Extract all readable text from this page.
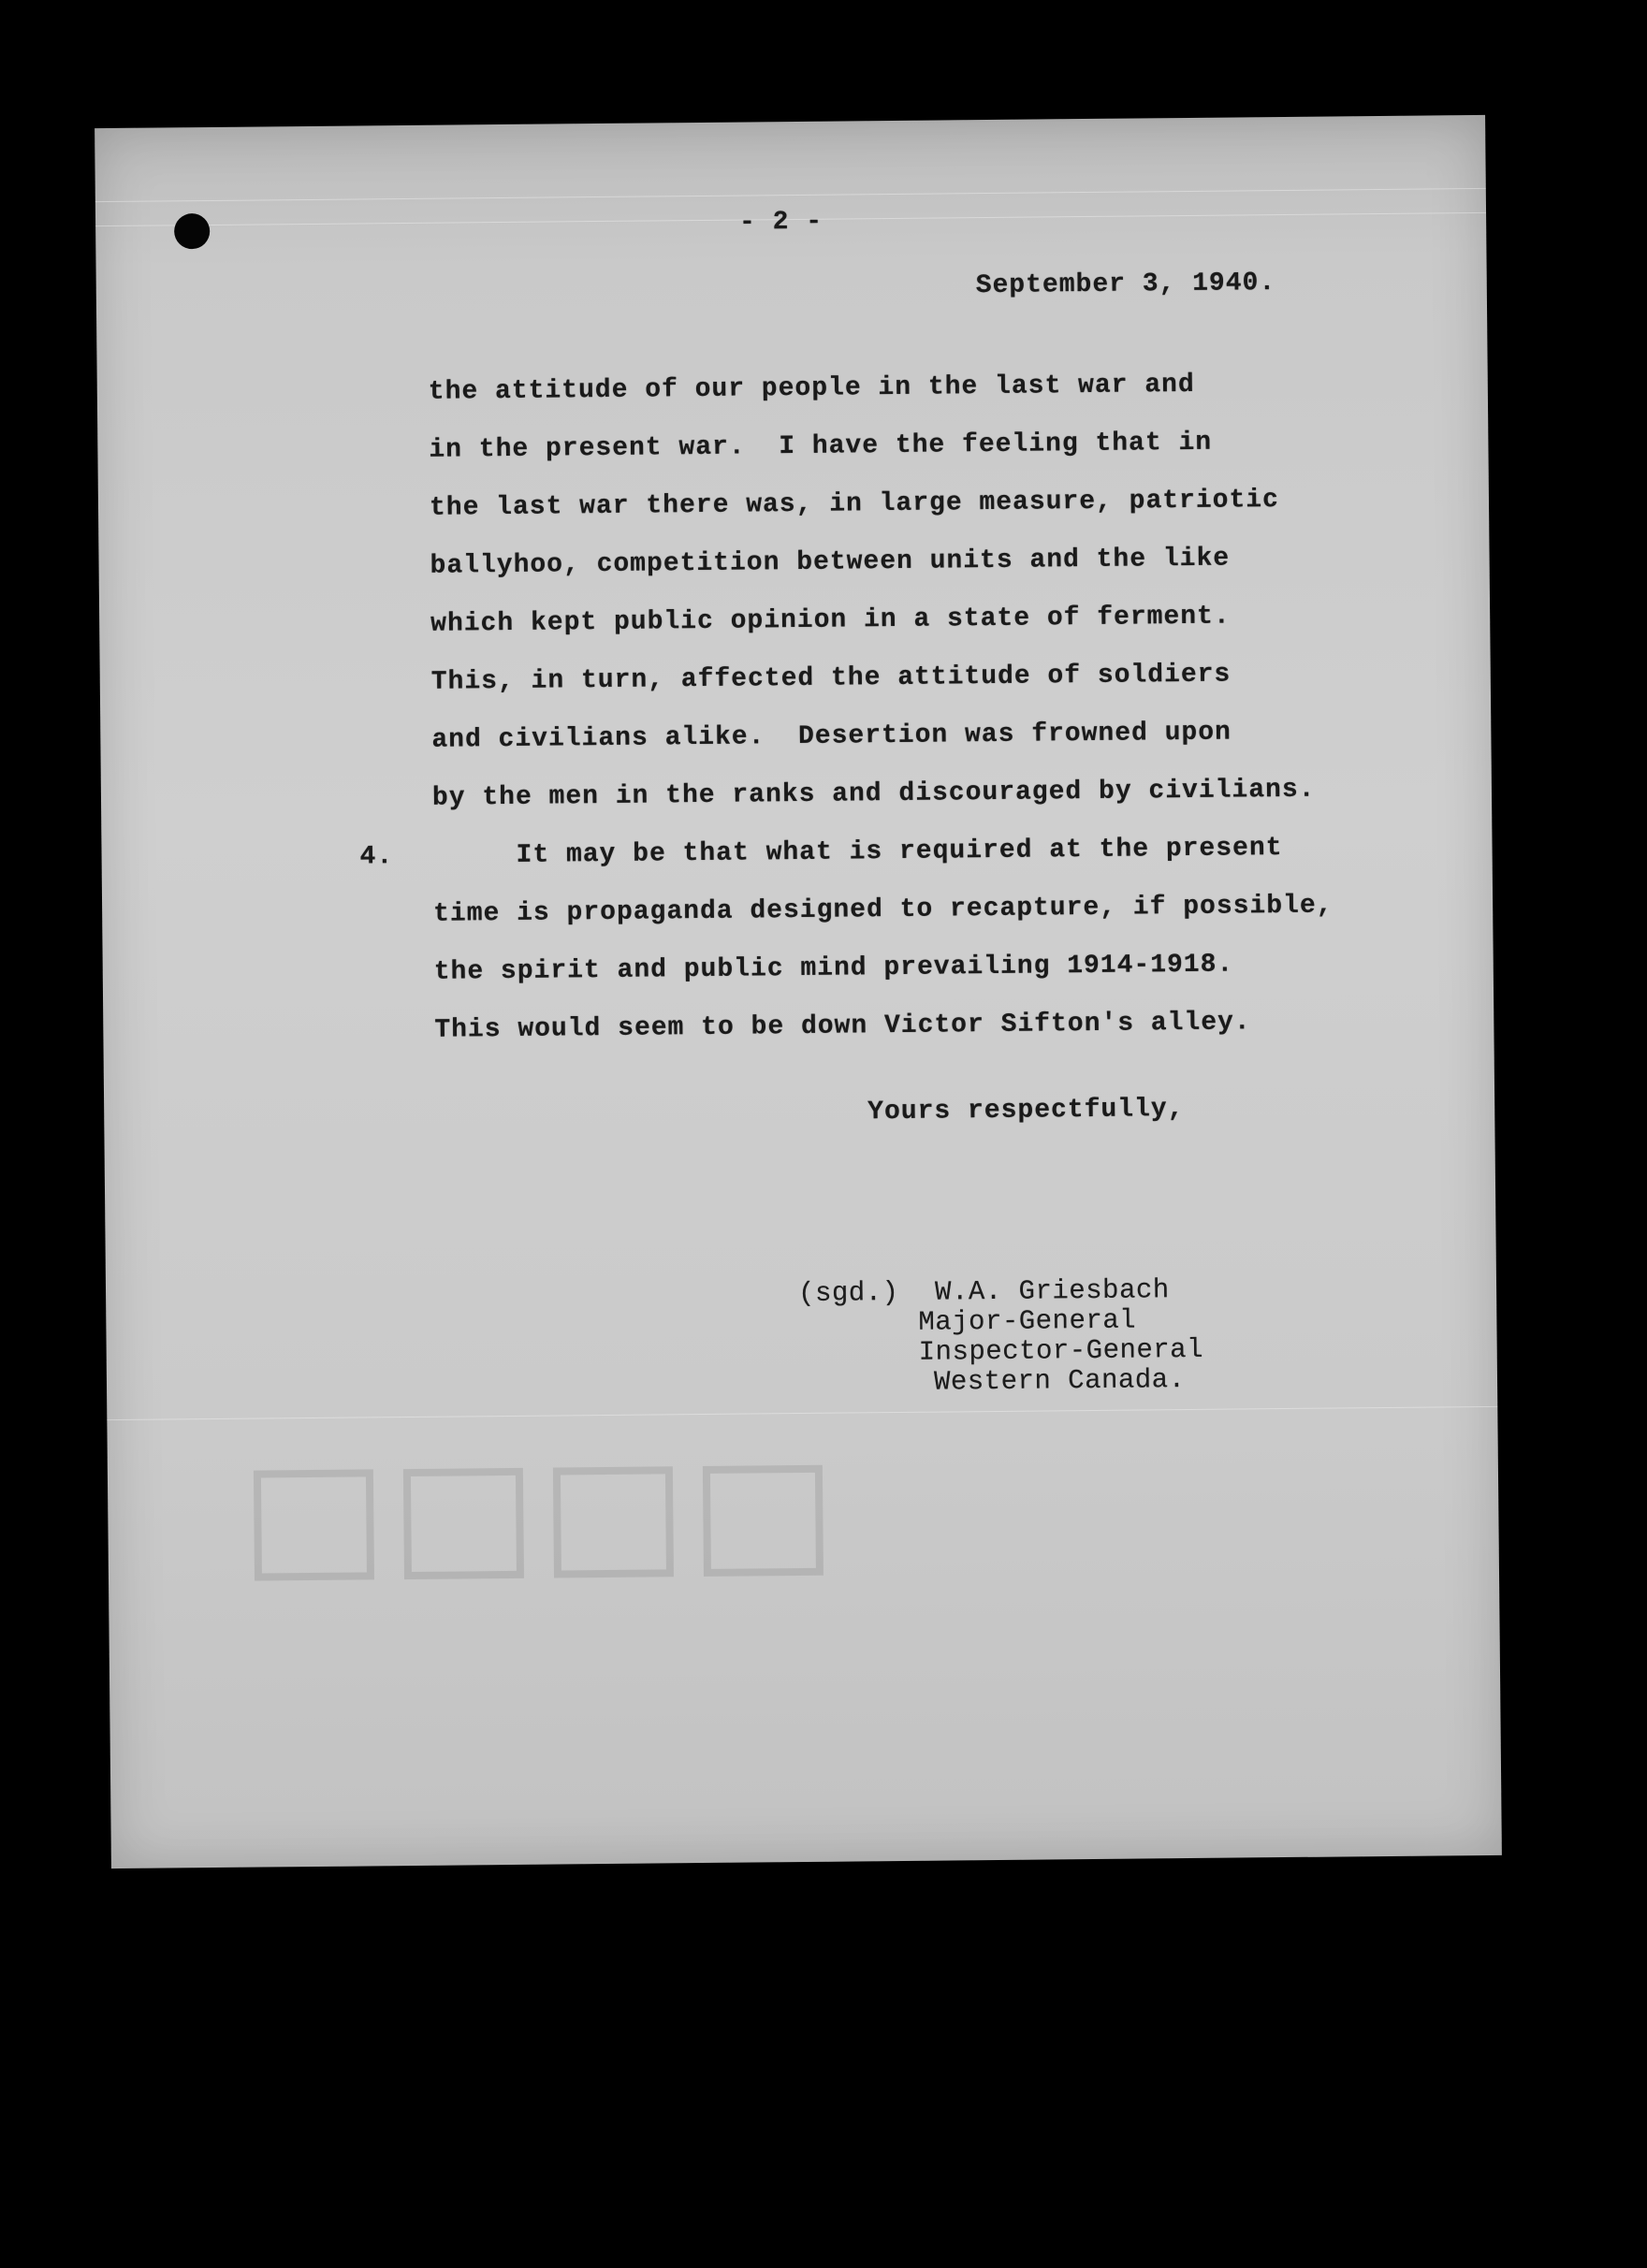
- 2 -
September 3, 1940.
the attitude of our people in the last war and
in the present war.  I have the feeling that in
the last war there was, in large measure, patriotic
ballyhoo, competition between units and the like
which kept public opinion in a state of ferment.
This, in turn, affected the attitude of soldiers
and civilians alike.  Desertion was frowned upon
by the men in the ranks and discouraged by civilians.
4. It may be that what is required at the present
time is propaganda designed to recapture, if possible,
the spirit and public mind prevailing 1914-1918.
This would seem to be down Victor Sifton's alley.
Yours respectfully,
(sgd.) W.A. Griesbach
Major-General
Inspector-General
Western Canada.
